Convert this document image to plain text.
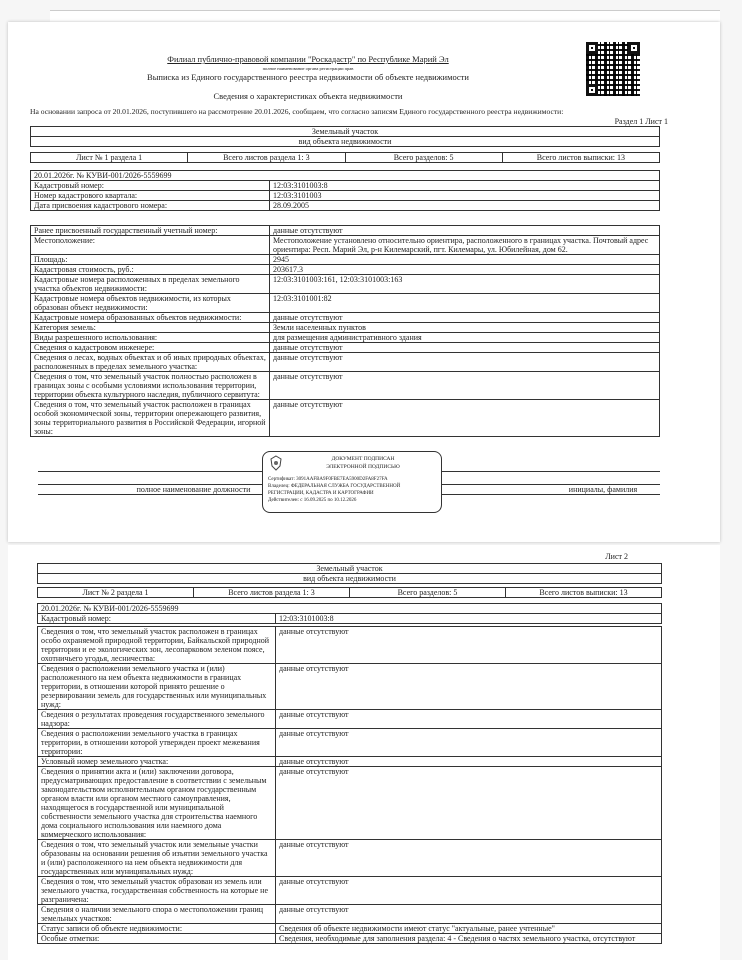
Филиал публично-правовой компании "Роскадастр" по Республике Марий Эл
полное наименование органа регистрации прав
Выписка из Единого государственного реестра недвижимости об объекте недвижимости
Сведения о характеристиках объекта недвижимости
На основании запроса от 20.01.2026, поступившего на рассмотрение 20.01.2026, сообщаем, что согласно записям Единого государственного реестра недвижимости:
Раздел 1 Лист 1
Земельный участок
вид объекта недвижимости
Лист № 1 раздела 1	Всего листов раздела 1: 3	Всего разделов: 5	Всего листов выписки: 13
20.01.2026г. № КУВИ-001/2026-5559699	
Кадастровый номер:	12:03:3101003:8
Номер кадастрового квартала:	12:03:3101003
Дата присвоения кадастрового номера:	28.09.2005
Ранее присвоенный государственный учетный номер:	данные отсутствуют
Местоположение:	Местоположение установлено относительно ориентира, расположенного в границах участка. Почтовый адрес ориентира: Респ. Марий Эл, р-н Килемарский, пгт. Килемары, ул. Юбилейная, дом 62.
Площадь:	2945
Кадастровая стоимость, руб.:	203617.3
Кадастровые номера расположенных в пределах земельного участка объектов недвижимости:	12:03:3101003:161, 12:03:3101003:163
Кадастровые номера объектов недвижимости, из которых образован объект недвижимости:	12:03:3101001:82
Кадастровые номера образованных объектов недвижимости:	данные отсутствуют
Категория земель:	Земли населенных пунктов
Виды разрешенного использования:	для размещения административного здания
Сведения о кадастровом инженере:	данные отсутствуют
Сведения о лесах, водных объектах и об иных природных объектах, расположенных в пределах земельного участка:	данные отсутствуют
Сведения о том, что земельный участок полностью расположен в границах зоны с особыми условиями использования территории, территории объекта культурного наследия, публичного сервитута:	данные отсутствуют
Сведения о том, что земельный участок расположен в границах особой экономической зоны, территории опережающего развития, зоны территориального развития в Российской Федерации, игорной зоны:	данные отсутствуют

полное наименование должности	инициалы, фамилия
ДОКУМЕНТ ПОДПИСАН
ЭЛЕКТРОННОЙ ПОДПИСЬЮ
Сертификат: 3091AAFBA9F0FBE7EA5900D2FA8F27FA
Владелец: ФЕДЕРАЛЬНАЯ СЛУЖБА ГОСУДАРСТВЕННОЙ
РЕГИСТРАЦИИ, КАДАСТРА И КАРТОГРАФИИ
Действителен: с 16.09.2025 по 10.12.2026
Лист 2
Земельный участок
вид объекта недвижимости
Лист № 2 раздела 1	Всего листов раздела 1: 3	Всего разделов: 5	Всего листов выписки: 13
20.01.2026г. № КУВИ-001/2026-5559699
Кадастровый номер:	12:03:3101003:8
Сведения о том, что земельный участок расположен в границах особо охраняемой природной территории, Байкальской природной территории и ее экологических зон, лесопарковом зеленом поясе, охотничьего угодья, лесничества:	данные отсутствуют
Сведения о расположении земельного участка и (или) расположенного на нем объекта недвижимости в границах территории, в отношении которой принято решение о резервировании земель для государственных или муниципальных нужд:	данные отсутствуют
Сведения о результатах проведения государственного земельного надзора:	данные отсутствуют
Сведения о расположении земельного участка в границах территории, в отношении которой утвержден проект межевания территории:	данные отсутствуют
Условный номер земельного участка:	данные отсутствуют
Сведения о принятии акта и (или) заключении договора, предусматривающих предоставление в соответствии с земельным законодательством исполнительным органом государственным органом власти или органом местного самоуправления, находящегося в государственной или муниципальной собственности земельного участка для строительства наемного дома социального использования или наемного дома коммерческого использования:	данные отсутствуют
Сведения о том, что земельный участок или земельные участки образованы на основании решения об изъятии земельного участка и (или) расположенного на нем объекта недвижимости для государственных или муниципальных нужд:	данные отсутствуют
Сведения о том, что земельный участок образован из земель или земельного участка, государственная собственность на которые не разграничена:	данные отсутствуют
Сведения о наличии земельного спора о местоположении границ земельных участков:	данные отсутствуют
Статус записи об объекте недвижимости:	Сведения об объекте недвижимости имеют статус "актуальные, ранее учтенные"
Особые отметки:	Сведения, необходимые для заполнения раздела: 4 - Сведения о частях земельного участка, отсутствуют
